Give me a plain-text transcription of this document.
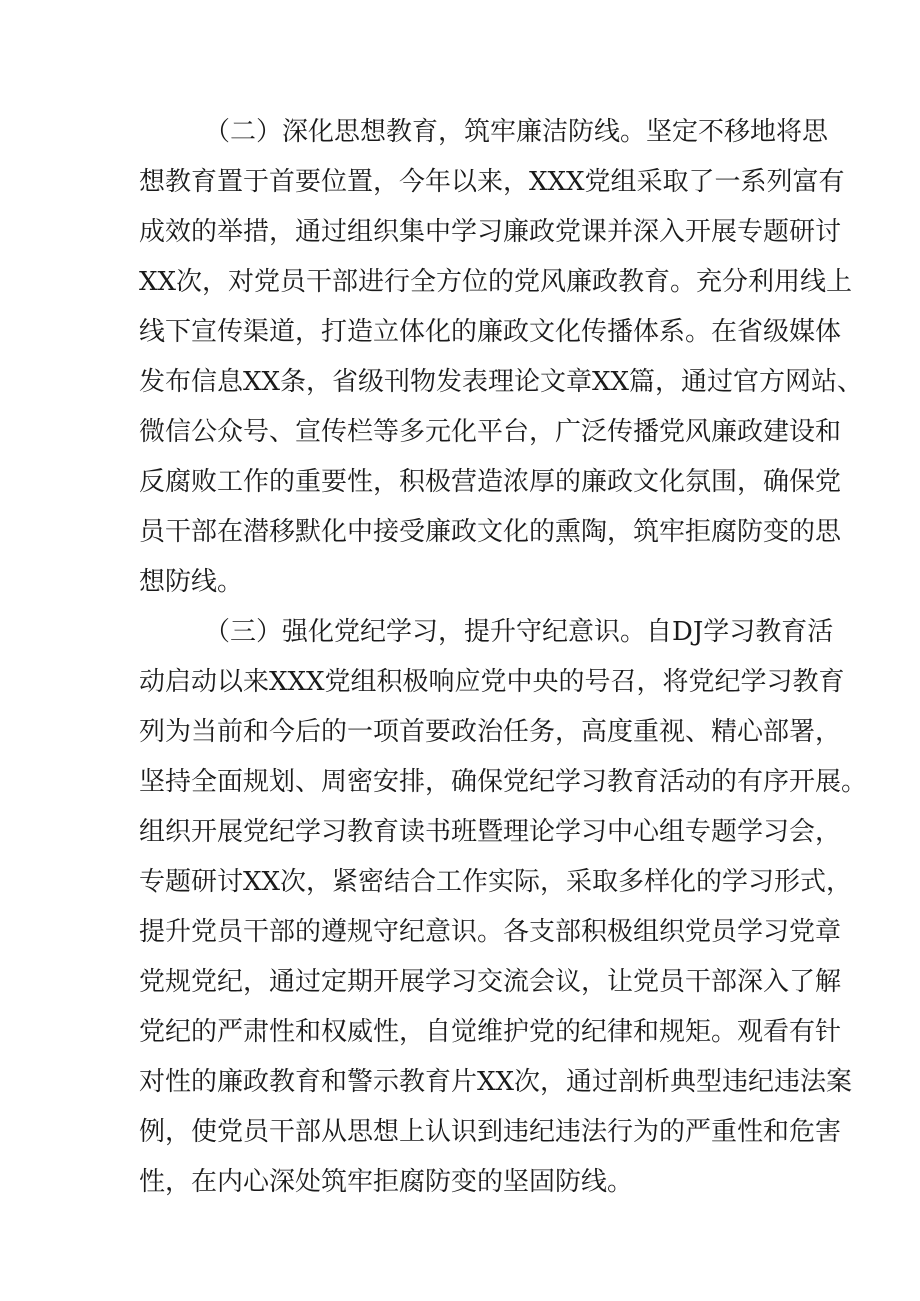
（二）深化思想教育，筑牢廉洁防线。坚定不移地将思
想教育置于首要位置，今年以来，XXX党组采取了一系列富有
成效的举措，通过组织集中学习廉政党课并深入开展专题研讨
XX次，对党员干部进行全方位的党风廉政教育。充分利用线上
线下宣传渠道，打造立体化的廉政文化传播体系。在省级媒体
发布信息XX条，省级刊物发表理论文章XX篇，通过官方网站、
微信公众号、宣传栏等多元化平台，广泛传播党风廉政建设和
反腐败工作的重要性，积极营造浓厚的廉政文化氛围，确保党
员干部在潜移默化中接受廉政文化的熏陶，筑牢拒腐防变的思
想防线。
（三）强化党纪学习，提升守纪意识。自DJ学习教育活
动启动以来XXX党组积极响应党中央的号召，将党纪学习教育
列为当前和今后的一项首要政治任务，高度重视、精心部署，
坚持全面规划、周密安排，确保党纪学习教育活动的有序开展。
组织开展党纪学习教育读书班暨理论学习中心组专题学习会，
专题研讨XX次，紧密结合工作实际，采取多样化的学习形式，
提升党员干部的遵规守纪意识。各支部积极组织党员学习党章
党规党纪，通过定期开展学习交流会议，让党员干部深入了解
党纪的严肃性和权威性，自觉维护党的纪律和规矩。观看有针
对性的廉政教育和警示教育片XX次，通过剖析典型违纪违法案
例，使党员干部从思想上认识到违纪违法行为的严重性和危害
性，在内心深处筑牢拒腐防变的坚固防线。
